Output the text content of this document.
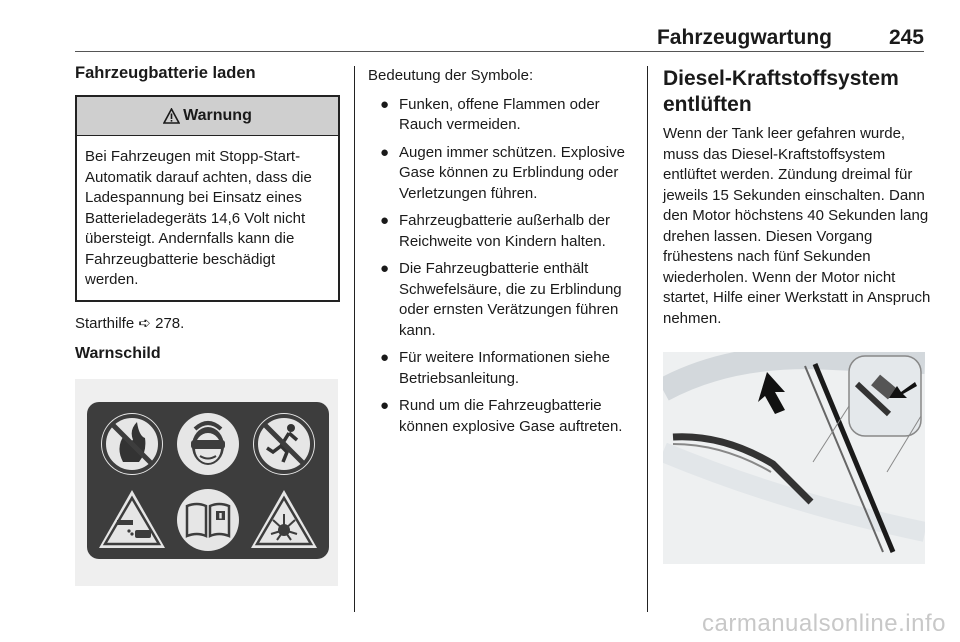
Fahrzeugwartung	245
Fahrzeugbatterie laden
Warnung
Bei Fahrzeugen mit Stopp-Start-Automatik darauf achten, dass die Ladespannung bei Einsatz eines Batterieladegeräts 14,6 Volt nicht übersteigt. Andernfalls kann die Fahrzeugbatterie beschädigt werden.

Starthilfe ➪ 278.

Warnschild

Bedeutung der Symbole:

● Funken, offene Flammen oder Rauch vermeiden.
● Augen immer schützen. Explosive Gase können zu Erblindung oder Verletzungen führen.
● Fahrzeugbatterie außerhalb der Reichweite von Kindern halten.
● Die Fahrzeugbatterie enthält Schwefelsäure, die zu Erblindung oder ernsten Verätzungen führen kann.
● Für weitere Informationen siehe Betriebsanleitung.
● Rund um die Fahrzeugbatterie können explosive Gase auftreten.
Diesel-Kraftstoffsystem entlüften

Wenn der Tank leer gefahren wurde, muss das Diesel-Kraftstoffsystem entlüftet werden. Zündung dreimal für jeweils 15 Sekunden einschalten. Dann den Motor höchstens 40 Sekunden lang drehen lassen. Diesen Vorgang frühestens nach fünf Sekunden wiederholen. Wenn der Motor nicht startet, Hilfe einer Werkstatt in Anspruch nehmen.

carmanualsonline.info
